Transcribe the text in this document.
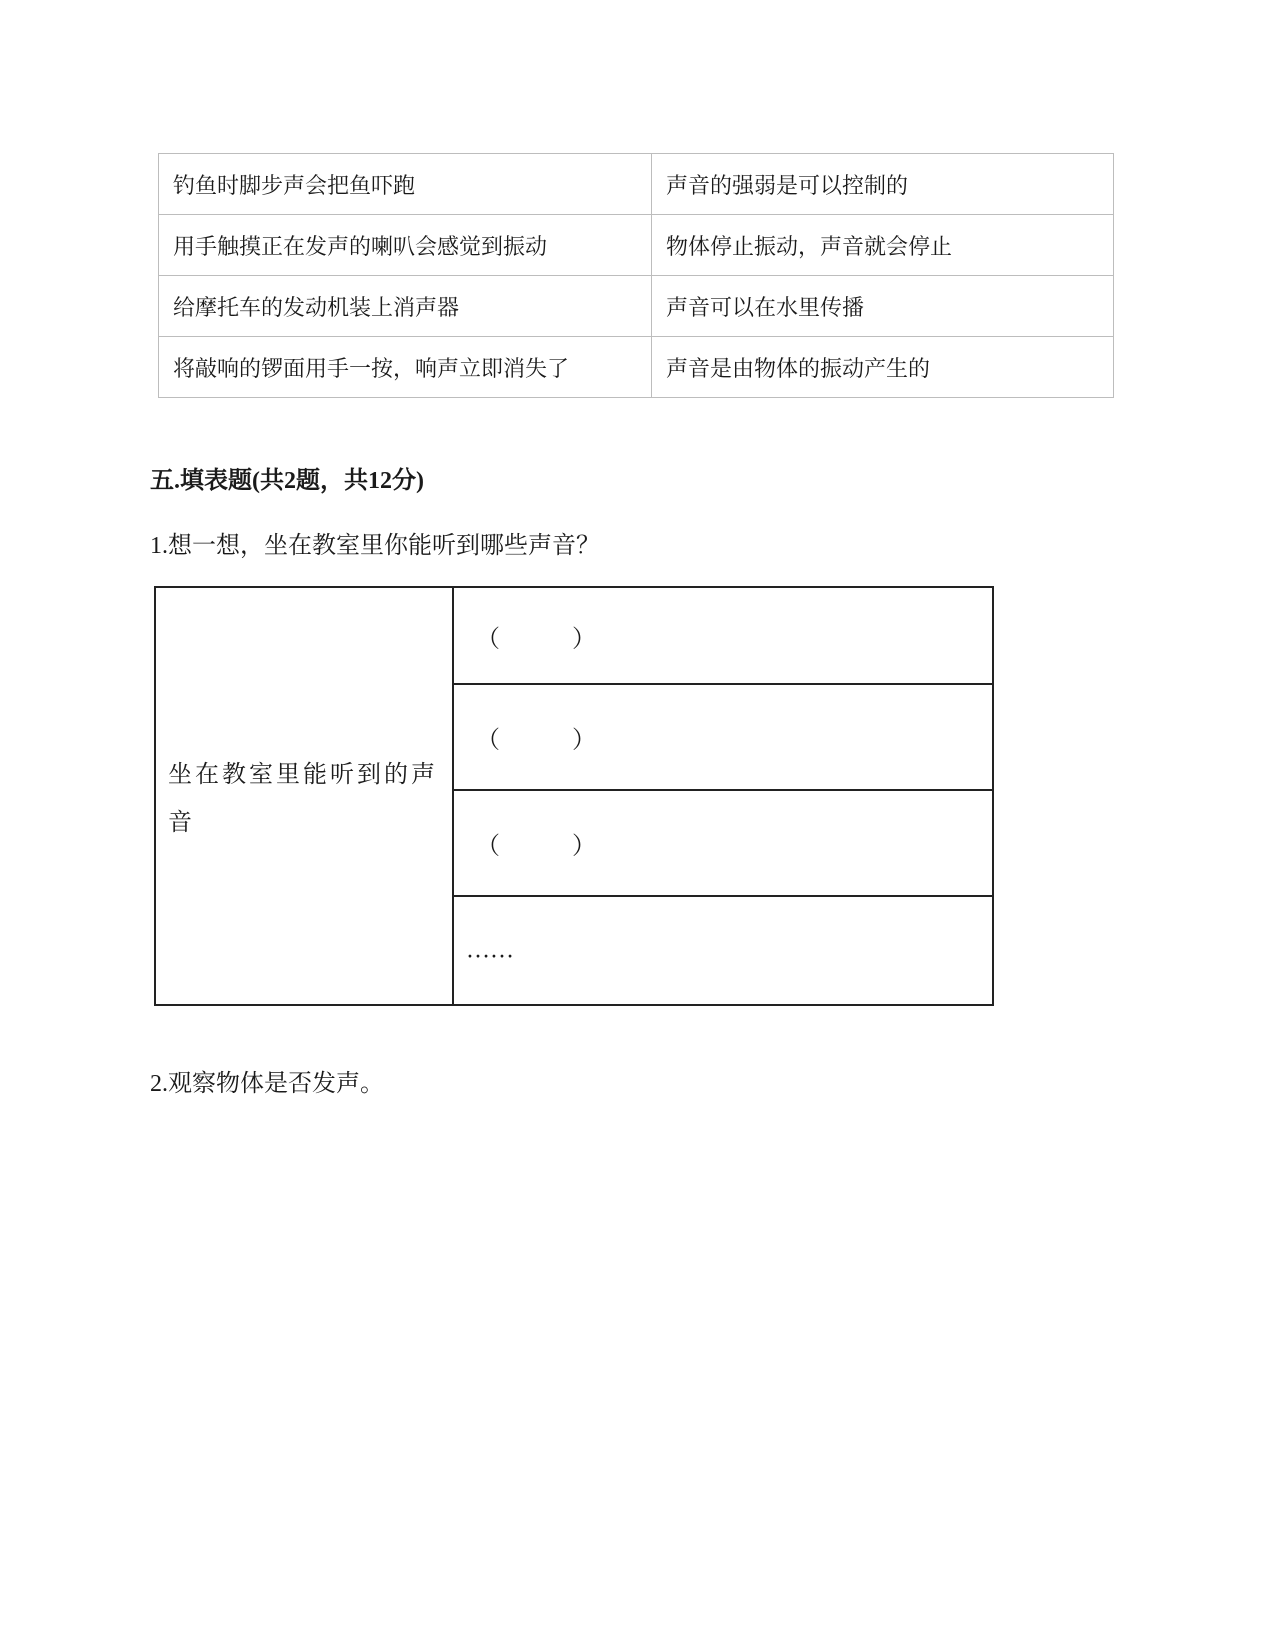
钓鱼时脚步声会把鱼吓跑	声音的强弱是可以控制的
用手触摸正在发声的喇叭会感觉到振动	物体停止振动，声音就会停止
给摩托车的发动机装上消声器	声音可以在水里传播
将敲响的锣面用手一按，响声立即消失了	声音是由物体的振动产生的
五.填表题(共2题，共12分)
1.想一想，坐在教室里你能听到哪些声音？
坐在教室里能听到的声音
（　　　）
（　　　）
（　　　）
……
2.观察物体是否发声。
